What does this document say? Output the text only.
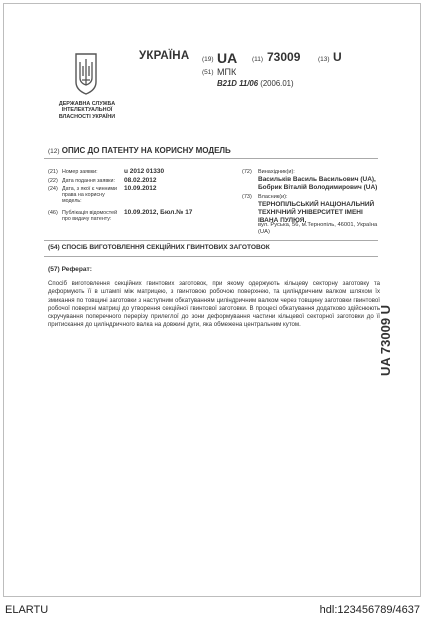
ДЕРЖАВНА СЛУЖБА ІНТЕЛЕКТУАЛЬНОЇ ВЛАСНОСТІ УКРАЇНИ
УКРАЇНА (19) UA (11) 73009	(13) U
(51) МПК
B21D 11/06 (2006.01)
(12) ОПИС ДО ПАТЕНТУ НА КОРИСНУ МОДЕЛЬ
(21) Номер заявки:	u 2012 01330
(22) Дата подання заявки:	08.02.2012
(24) Дата, з якої є чинними права на корисну модель:
10.09.2012
(46) Публікація відомостей про видачу патенту:
10.09.2012, Бюл.№ 17
(72) Винахідник(и):
Васильків Василь Васильович (UA),
Бобрик Віталій Володимирович (UA)
(73) Власник(и):
ТЕРНОПІЛЬСЬКИЙ НАЦІОНАЛЬНИЙ ТЕХНІЧНИЙ УНІВЕРСИТЕТ ІМЕНІ ІВАНА ПУЛЮЯ,
вул. Руська, 56, м.Тернопіль, 46001, Україна (UA)
(54) СПОСІБ ВИГОТОВЛЕННЯ СЕКЦІЙНИХ ГВИНТОВИХ ЗАГОТОВОК
(57) Реферат:
Спосіб виготовлення секційних гвинтових заготовок, при якому одержують кільцеву секторну заготовку та деформують її в штампі між матрицею, з гвинтовою робочою поверхнею, та циліндричним валком шляхом їх змикання по товщині заготовки з наступним обкатуванням циліндричним валком через товщину заготовки гвинтової робочої поверхні матриці до утворення секційної гвинтової заготовки. В процесі обкатування додатково здійснюють скручування поперечного перерізу прилеглої до зони деформування частини кільцевої секторної заготовки до її притискання до циліндричного валка на довжині дуги, яка обмежена центральним кутом.	UA 73009 U
ELARTU	hdl:123456789/4637
